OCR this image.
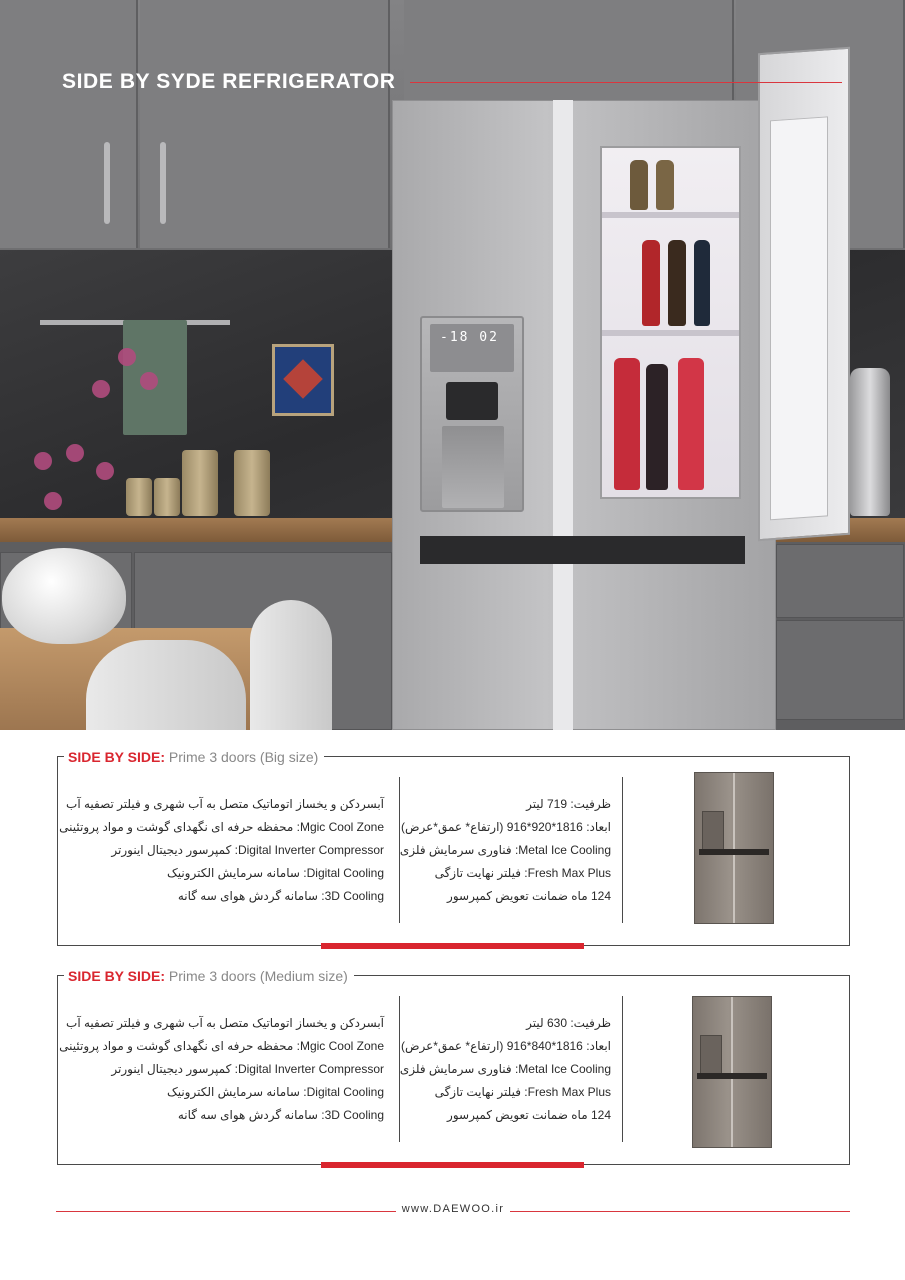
-18 02
SIDE BY SYDE REFRIGERATOR
SIDE BY SIDE: Prime 3 doors (Big size)
آبسردکن و یخساز اتوماتیک متصل به آب شهری و فیلتر تصفیه آب
Mgic Cool Zone: محفظه حرفه ای نگهدای گوشت و مواد پروتئینی
Digital Inverter Compressor: کمپرسور دیجیتال اینورتر
Digital Cooling: سامانه سرمایش الکترونیک
3D Cooling: سامانه گردش هوای سه گانه
ظرفیت: 719 لیتر
ابعاد: 1816*920*916 (ارتفاع* عمق*عرض)
Metal Ice Cooling: فناوری سرمایش فلزی
Fresh Max Plus: فیلتر نهایت تازگی
124 ماه ضمانت تعویض کمپرسور
SIDE BY SIDE: Prime 3 doors (Medium size)
آبسردکن و یخساز اتوماتیک متصل به آب شهری و فیلتر تصفیه آب
Mgic Cool Zone: محفظه حرفه ای نگهدای گوشت و مواد پروتئینی
Digital Inverter Compressor: کمپرسور دیجیتال اینورتر
Digital Cooling: سامانه سرمایش الکترونیک
3D Cooling: سامانه گردش هوای سه گانه
ظرفیت: 630 لیتر
ابعاد: 1816*840*916 (ارتفاع* عمق*عرض)
Metal Ice Cooling: فناوری سرمایش فلزی
Fresh Max Plus: فیلتر نهایت تازگی
124 ماه ضمانت تعویض کمپرسور
www.DAEWOO.ir
